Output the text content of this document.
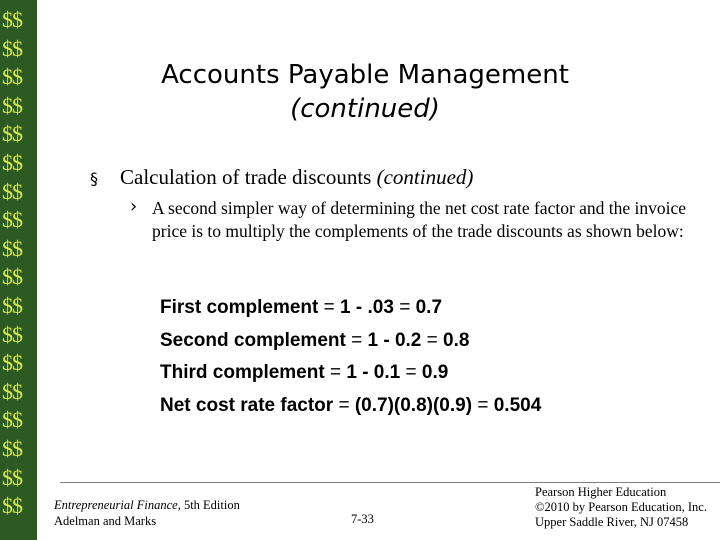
$$
$$
$$
$$
$$
$$
$$
$$
$$
$$
$$
$$
$$
$$
$$
$$
$$
$$
Accounts Payable Management
(continued)
§ Calculation of trade discounts (continued)
› A second simpler way of determining the net cost rate factor and the invoice price is to multiply the complements of the trade discounts as shown below:
First complement = 1 - .03 = 0.7
Second complement = 1 - 0.2 = 0.8
Third complement = 1 - 0.1 = 0.9
Net cost rate factor = (0.7)(0.8)(0.9) = 0.504
Entrepreneurial Finance, 5th Edition
Adelman and Marks	7-33
Pearson Higher Education
©2010 by Pearson Education, Inc.
Upper Saddle River, NJ 07458
